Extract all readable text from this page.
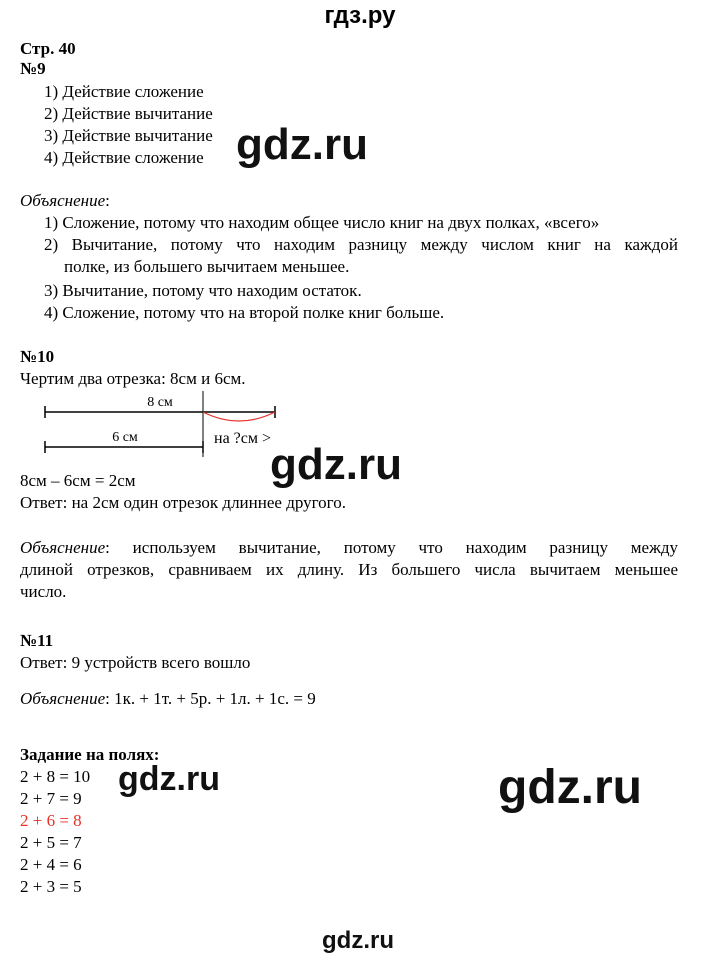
гдз.ру
Стр. 40
№9
1) Действие сложение
2) Действие вычитание
3) Действие вычитание
4) Действие сложение
Объяснение:
1) Сложение, потому что находим общее число книг на двух полках, «всего»
2) Вычитание, потому что находим разницу между числом книг на каждой
полке, из большего вычитаем меньшее.
3) Вычитание, потому что находим остаток.
4) Сложение, потому что на второй полке книг больше.
№10
Чертим два отрезка: 8см и 6см.
8 см
6 см	на ?см >
8см – 6см = 2см
Ответ: на 2см один отрезок длиннее другого.
Объяснение: используем вычитание, потому что находим разницу между
длиной отрезков, сравниваем их длину. Из большего числа вычитаем меньшее
число.
№11
Ответ: 9 устройств всего вошло
Объяснение: 1к. + 1т. + 5р. + 1л. + 1с. = 9
Задание на полях:
2 + 8 = 10
2 + 7 = 9
2 + 6 = 8
2 + 5 = 7
2 + 4 = 6
2 + 3 = 5
gdz.ru
gdz.ru
gdz.ru	gdz.ru
gdz.ru
